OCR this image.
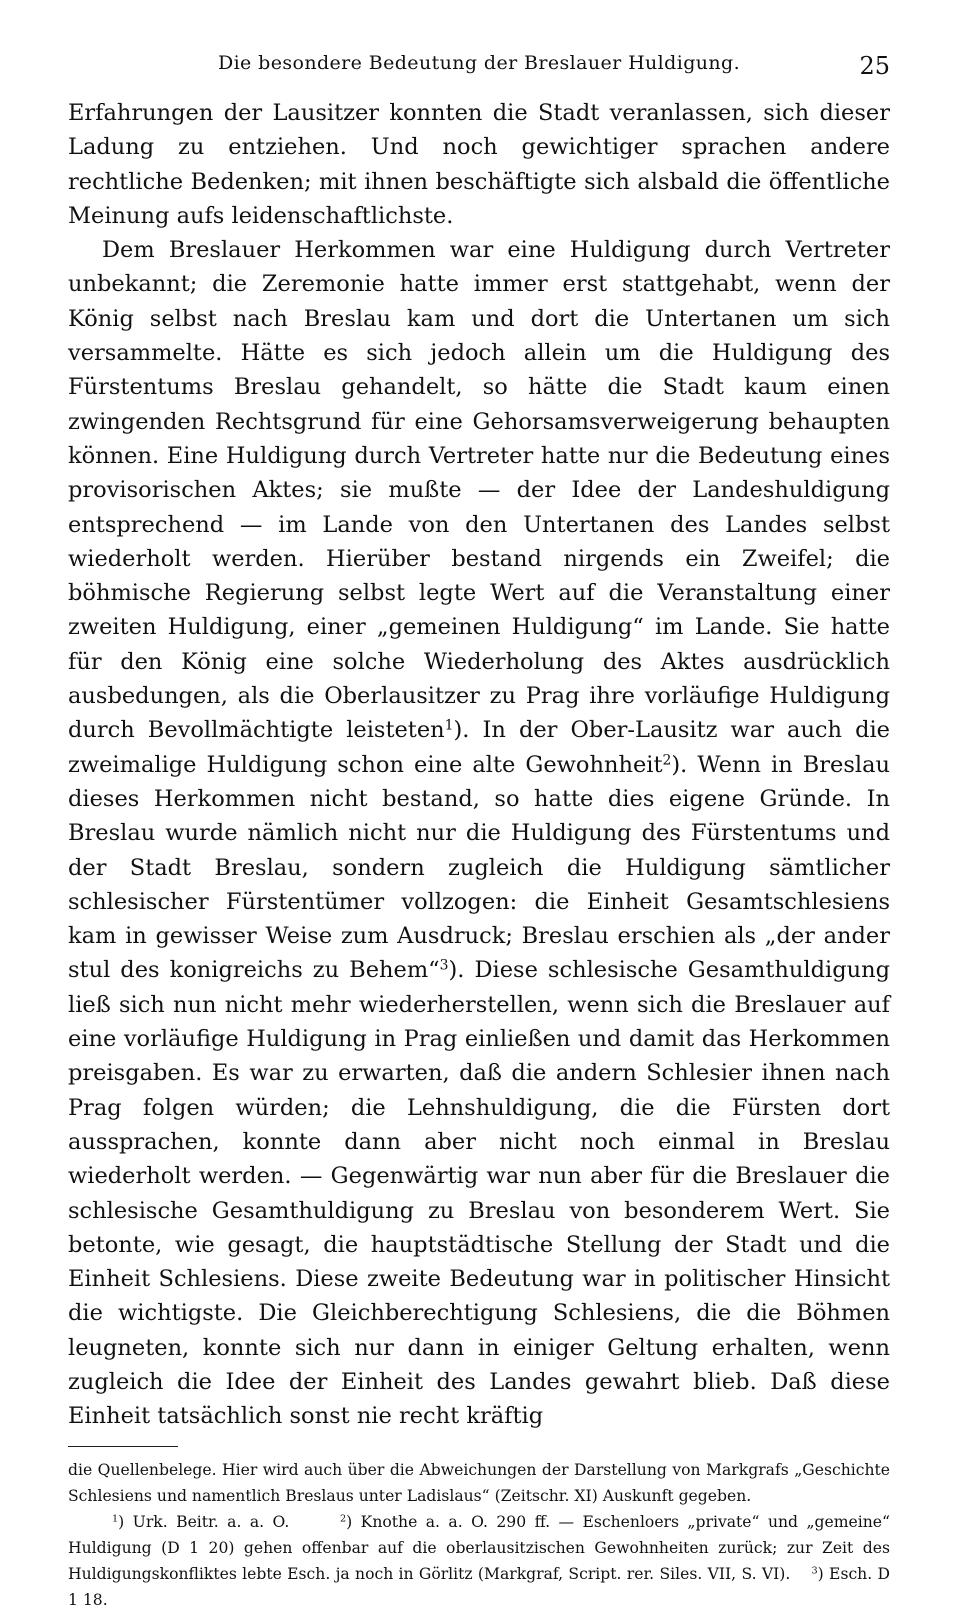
Die besondere Bedeutung der Breslauer Huldigung.	25

Erfahrungen der Lausitzer konnten die Stadt veranlassen, sich dieser Ladung zu entziehen. Und noch gewichtiger sprachen andere rechtliche Bedenken; mit ihnen beschäftigte sich alsbald die öffentliche Meinung aufs leidenschaftlichste.

Dem Breslauer Herkommen war eine Huldigung durch Vertreter unbekannt; die Zeremonie hatte immer erst stattgehabt, wenn der König selbst nach Breslau kam und dort die Untertanen um sich versammelte. Hätte es sich jedoch allein um die Huldigung des Fürstentums Breslau gehandelt, so hätte die Stadt kaum einen zwingenden Rechtsgrund für eine Gehorsamsverweigerung behaupten können. Eine Huldigung durch Vertreter hatte nur die Bedeutung eines provisorischen Aktes; sie mußte — der Idee der Landeshuldigung entsprechend — im Lande von den Untertanen des Landes selbst wiederholt werden. Hierüber bestand nirgends ein Zweifel; die böhmische Regierung selbst legte Wert auf die Veranstaltung einer zweiten Huldigung, einer „gemeinen Huldigung“ im Lande. Sie hatte für den König eine solche Wiederholung des Aktes ausdrücklich ausbedungen, als die Oberlausitzer zu Prag ihre vorläufige Huldigung durch Bevollmächtigte leisteten$^1$). In der Ober-Lausitz war auch die zweimalige Huldigung schon eine alte Gewohnheit$^2$). Wenn in Breslau dieses Herkommen nicht bestand, so hatte dies eigene Gründe. In Breslau wurde nämlich nicht nur die Huldigung des Fürstentums und der Stadt Breslau, sondern zugleich die Huldigung sämtlicher schlesischer Fürstentümer vollzogen: die Einheit Gesamtschlesiens kam in gewisser Weise zum Ausdruck; Breslau erschien als „der ander stul des konigreichs zu Behem“$^3$). Diese schlesische Gesamthuldigung ließ sich nun nicht mehr wiederherstellen, wenn sich die Breslauer auf eine vorläufige Huldigung in Prag einließen und damit das Herkommen preisgaben. Es war zu erwarten, daß die andern Schlesier ihnen nach Prag folgen würden; die Lehnshuldigung, die die Fürsten dort aussprachen, konnte dann aber nicht noch einmal in Breslau wiederholt werden. — Gegenwärtig war nun aber für die Breslauer die schlesische Gesamthuldigung zu Breslau von besonderem Wert. Sie betonte, wie gesagt, die hauptstädtische Stellung der Stadt und die Einheit Schlesiens. Diese zweite Bedeutung war in politischer Hinsicht die wichtigste. Die Gleichberechtigung Schlesiens, die die Böhmen leugneten, konnte sich nur dann in einiger Geltung erhalten, wenn zugleich die Idee der Einheit des Landes gewahrt blieb. Daß diese Einheit tatsächlich sonst nie recht kräftig

die Quellenbelege. Hier wird auch über die Abweichungen der Darstellung von Markgrafs „Geschichte Schlesiens und namentlich Breslaus unter Ladislaus“ (Zeitschr. XI) Auskunft gegeben.

$^1$) Urk. Beitr. a. a. O.	$^2$) Knothe a. a. O. 290 ff. — Eschenloers „private“ und „gemeine“ Huldigung (D 1 20) gehen offenbar auf die oberlausitzischen Gewohnheiten zurück; zur Zeit des Huldigungskonfliktes lebte Esch. ja noch in Görlitz (Markgraf, Script. rer. Siles. VII, S. VI). $^3$) Esch. D 1 18.
